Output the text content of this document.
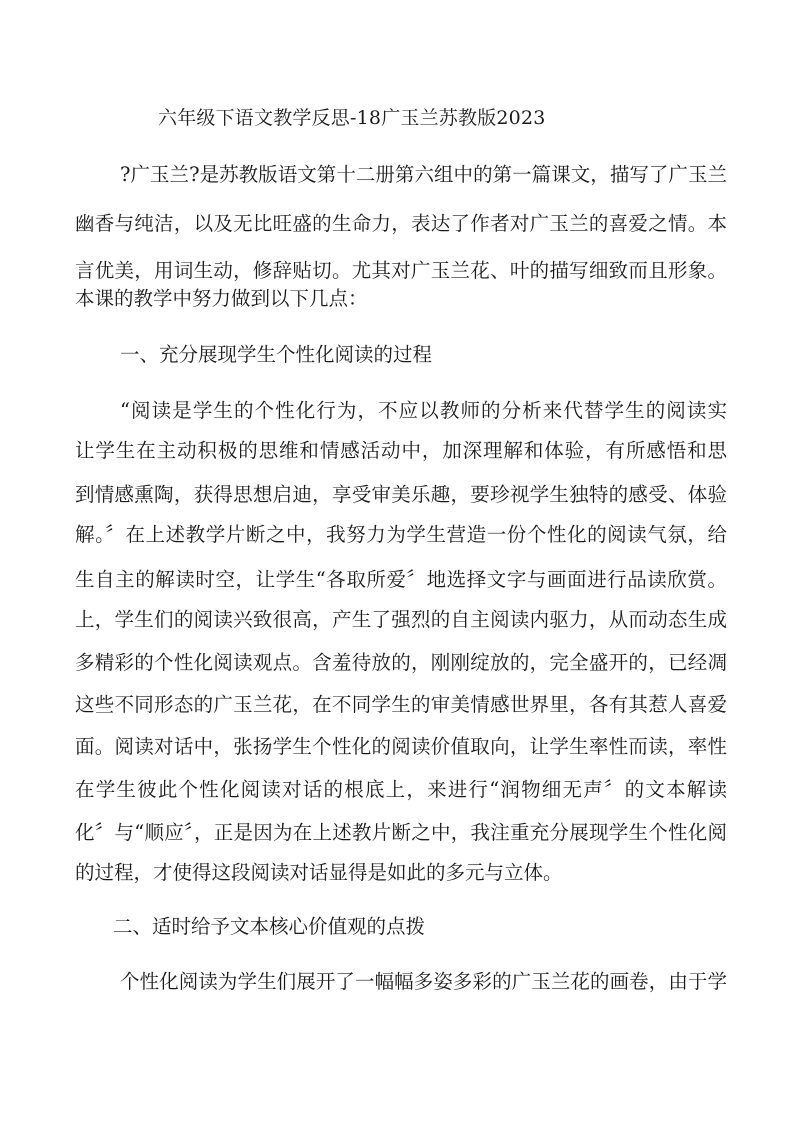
六年级下语文教学反思-18广玉兰苏教版2023
?广玉兰?是苏教版语文第十二册第六组中的第一篇课文，描写了广玉兰
幽香与纯洁，以及无比旺盛的生命力，表达了作者对广玉兰的喜爱之情。本
言优美，用词生动，修辞贴切。尤其对广玉兰花、叶的描写细致而且形象。
本课的教学中努力做到以下几点：
一、充分展现学生个性化阅读的过程
“阅读是学生的个性化行为，不应以教师的分析来代替学生的阅读实
让学生在主动积极的思维和情感活动中，加深理解和体验，有所感悟和思
到情感熏陶，获得思想启迪，享受审美乐趣，要珍视学生独特的感受、体验
解。〞在上述教学片断之中，我努力为学生营造一份个性化的阅读气氛，给
生自主的解读时空，让学生“各取所爱〞地选择文字与画面进行品读欣赏。
上，学生们的阅读兴致很高，产生了强烈的自主阅读内驱力，从而动态生成
多精彩的个性化阅读观点。含羞待放的，刚刚绽放的，完全盛开的，已经凋
这些不同形态的广玉兰花，在不同学生的审美情感世界里，各有其惹人喜爱
面。阅读对话中，张扬学生个性化的阅读价值取向，让学生率性而读，率性
在学生彼此个性化阅读对话的根底上，来进行“润物细无声〞的文本解读
化〞与“顺应〞，正是因为在上述教片断之中，我注重充分展现学生个性化阅
的过程，才使得这段阅读对话显得是如此的多元与立体。
二、适时给予文本核心价值观的点拨
个性化阅读为学生们展开了一幅幅多姿多彩的广玉兰花的画卷，由于学
